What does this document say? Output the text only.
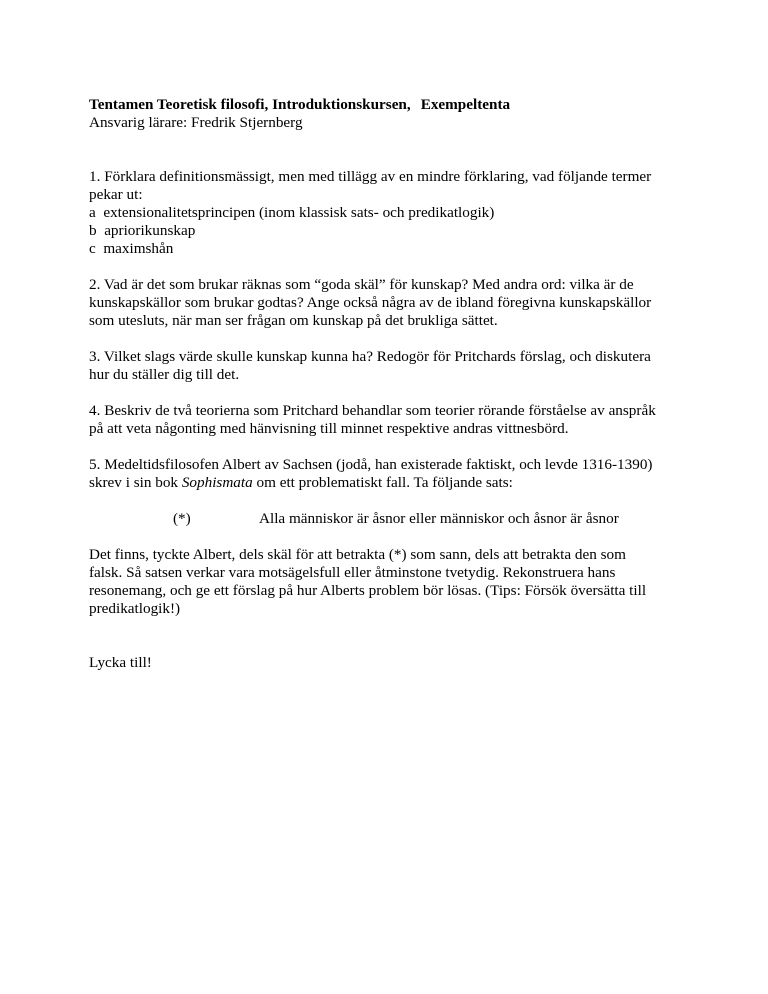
Tentamen Teoretisk filosofi, Introduktionskursen, Exempeltenta

Ansvarig lärare: Fredrik Stjernberg

1. Förklara definitionsmässigt, men med tillägg av en mindre förklaring, vad följande termer

pekar ut:

a  extensionalitetsprincipen (inom klassisk sats- och predikatlogik)

b  apriorikunskap

c  maximshån

2. Vad är det som brukar räknas som “goda skäl” för kunskap? Med andra ord: vilka är de

kunskapskällor som brukar godtas? Ange också några av de ibland föregivna kunskapskällor

som utesluts, när man ser frågan om kunskap på det brukliga sättet.

3. Vilket slags värde skulle kunskap kunna ha? Redogör för Pritchards förslag, och diskutera

hur du ställer dig till det.

4. Beskriv de två teorierna som Pritchard behandlar som teorier rörande förståelse av anspråk

på att veta någonting med hänvisning till minnet respektive andras vittnesbörd.

5. Medeltidsfilosofen Albert av Sachsen (jodå, han existerade faktiskt, och levde 1316-1390)

skrev i sin bok Sophismata om ett problematiskt fall. Ta följande sats:

(*)	Alla människor är åsnor eller människor och åsnor är åsnor

Det finns, tyckte Albert, dels skäl för att betrakta (*) som sann, dels att betrakta den som

falsk. Så satsen verkar vara motsägelsfull eller åtminstone tvetydig. Rekonstruera hans

resonemang, och ge ett förslag på hur Alberts problem bör lösas. (Tips: Försök översätta till

predikatlogik!)

Lycka till!
